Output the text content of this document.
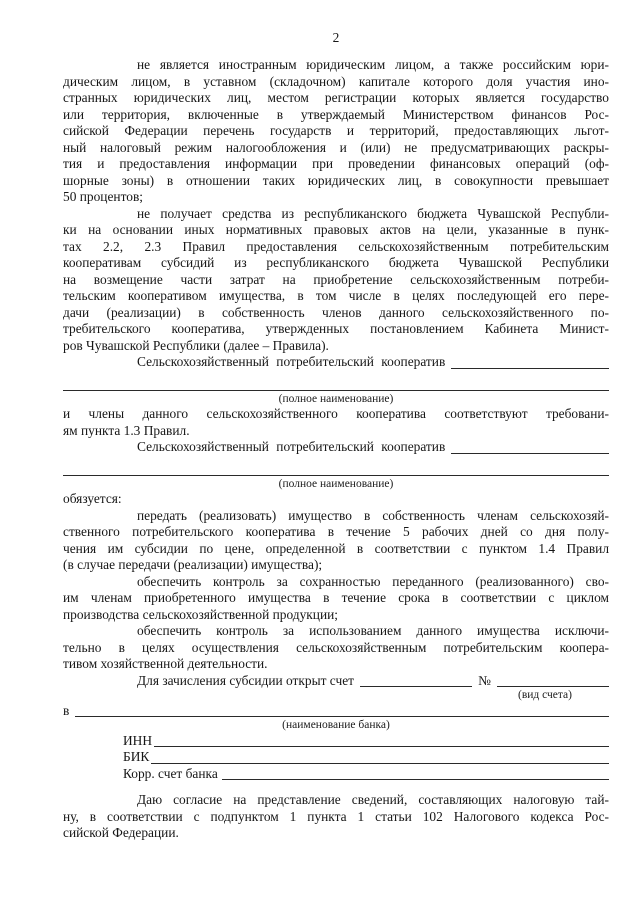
2
не является иностранным юридическим лицом, а также российским юри-
дическим лицом, в уставном (складочном) капитале которого доля участия ино-
странных юридических лиц, местом регистрации которых является государство
или территория, включенные в утверждаемый Министерством финансов Рос-
сийской Федерации перечень государств и территорий, предоставляющих льгот-
ный налоговый режим налогообложения и (или) не предусматривающих раскры-
тия и предоставления информации при проведении финансовых операций (оф-
шорные зоны) в отношении таких юридических лиц, в совокупности превышает
50 процентов;
не получает средства из республиканского бюджета Чувашской Республи-
ки на основании иных нормативных правовых актов на цели, указанные в пунк-
тах 2.2, 2.3 Правил предоставления сельскохозяйственным потребительским
кооперативам субсидий из республиканского бюджета Чувашской Республики
на возмещение части затрат на приобретение сельскохозяйственным потреби-
тельским кооперативом имущества, в том числе в целях последующей его пере-
дачи (реализации) в собственность членов данного сельскохозяйственного по-
требительского кооператива, утвержденных постановлением Кабинета Минист-
ров Чувашской Республики (далее – Правила).
Сельскохозяйственный потребительский кооператив
(полное наименование)
и члены данного сельскохозяйственного кооператива соответствуют требовани-
ям пункта 1.3 Правил.
Сельскохозяйственный потребительский кооператив
(полное наименование)
обязуется:
передать (реализовать) имущество в собственность членам сельскохозяй-
ственного потребительского кооператива в течение 5 рабочих дней со дня полу-
чения им субсидии по цене, определенной в соответствии с пунктом 1.4 Правил
(в случае передачи (реализации) имущества);
обеспечить контроль за сохранностью переданного (реализованного) сво-
им членам приобретенного имущества в течение срока в соответствии с циклом
производства сельскохозяйственной продукции;
обеспечить контроль за использованием данного имущества исключи-
тельно в целях осуществления сельскохозяйственным потребительским коопера-
тивом хозяйственной деятельности.
Для зачисления субсидии открыт счет	№
(вид счета)
в
(наименование банка)
ИНН
БИК
Корр. счет банка
Даю согласие на представление сведений, составляющих налоговую тай-
ну, в соответствии с подпунктом 1 пункта 1 статьи 102 Налогового кодекса Рос-
сийской Федерации.
